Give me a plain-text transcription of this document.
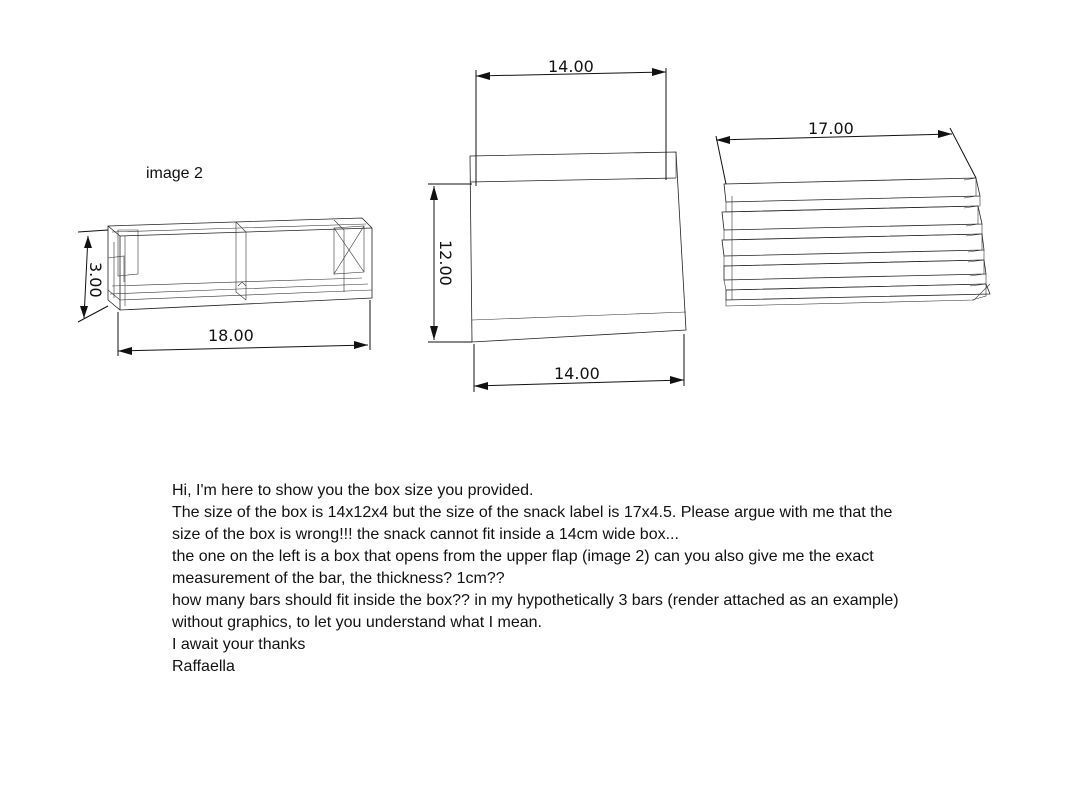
image 2
3.00
18.00
14.00
12.00
14.00
17.00

Hi, I'm here to show you the box size you provided.

The size of the box is 14x12x4 but the size of the snack label is 17x4.5. Please argue with me that the

size of the box is wrong!!! the snack cannot fit inside a 14cm wide box...

the one on the left is a box that opens from the upper flap (image 2) can you also give me the exact

measurement of the bar, the thickness? 1cm??

how many bars should fit inside the box?? in my hypothetically 3 bars (render attached as an example)

without graphics, to let you understand what I mean.

I await your thanks

Raffaella
